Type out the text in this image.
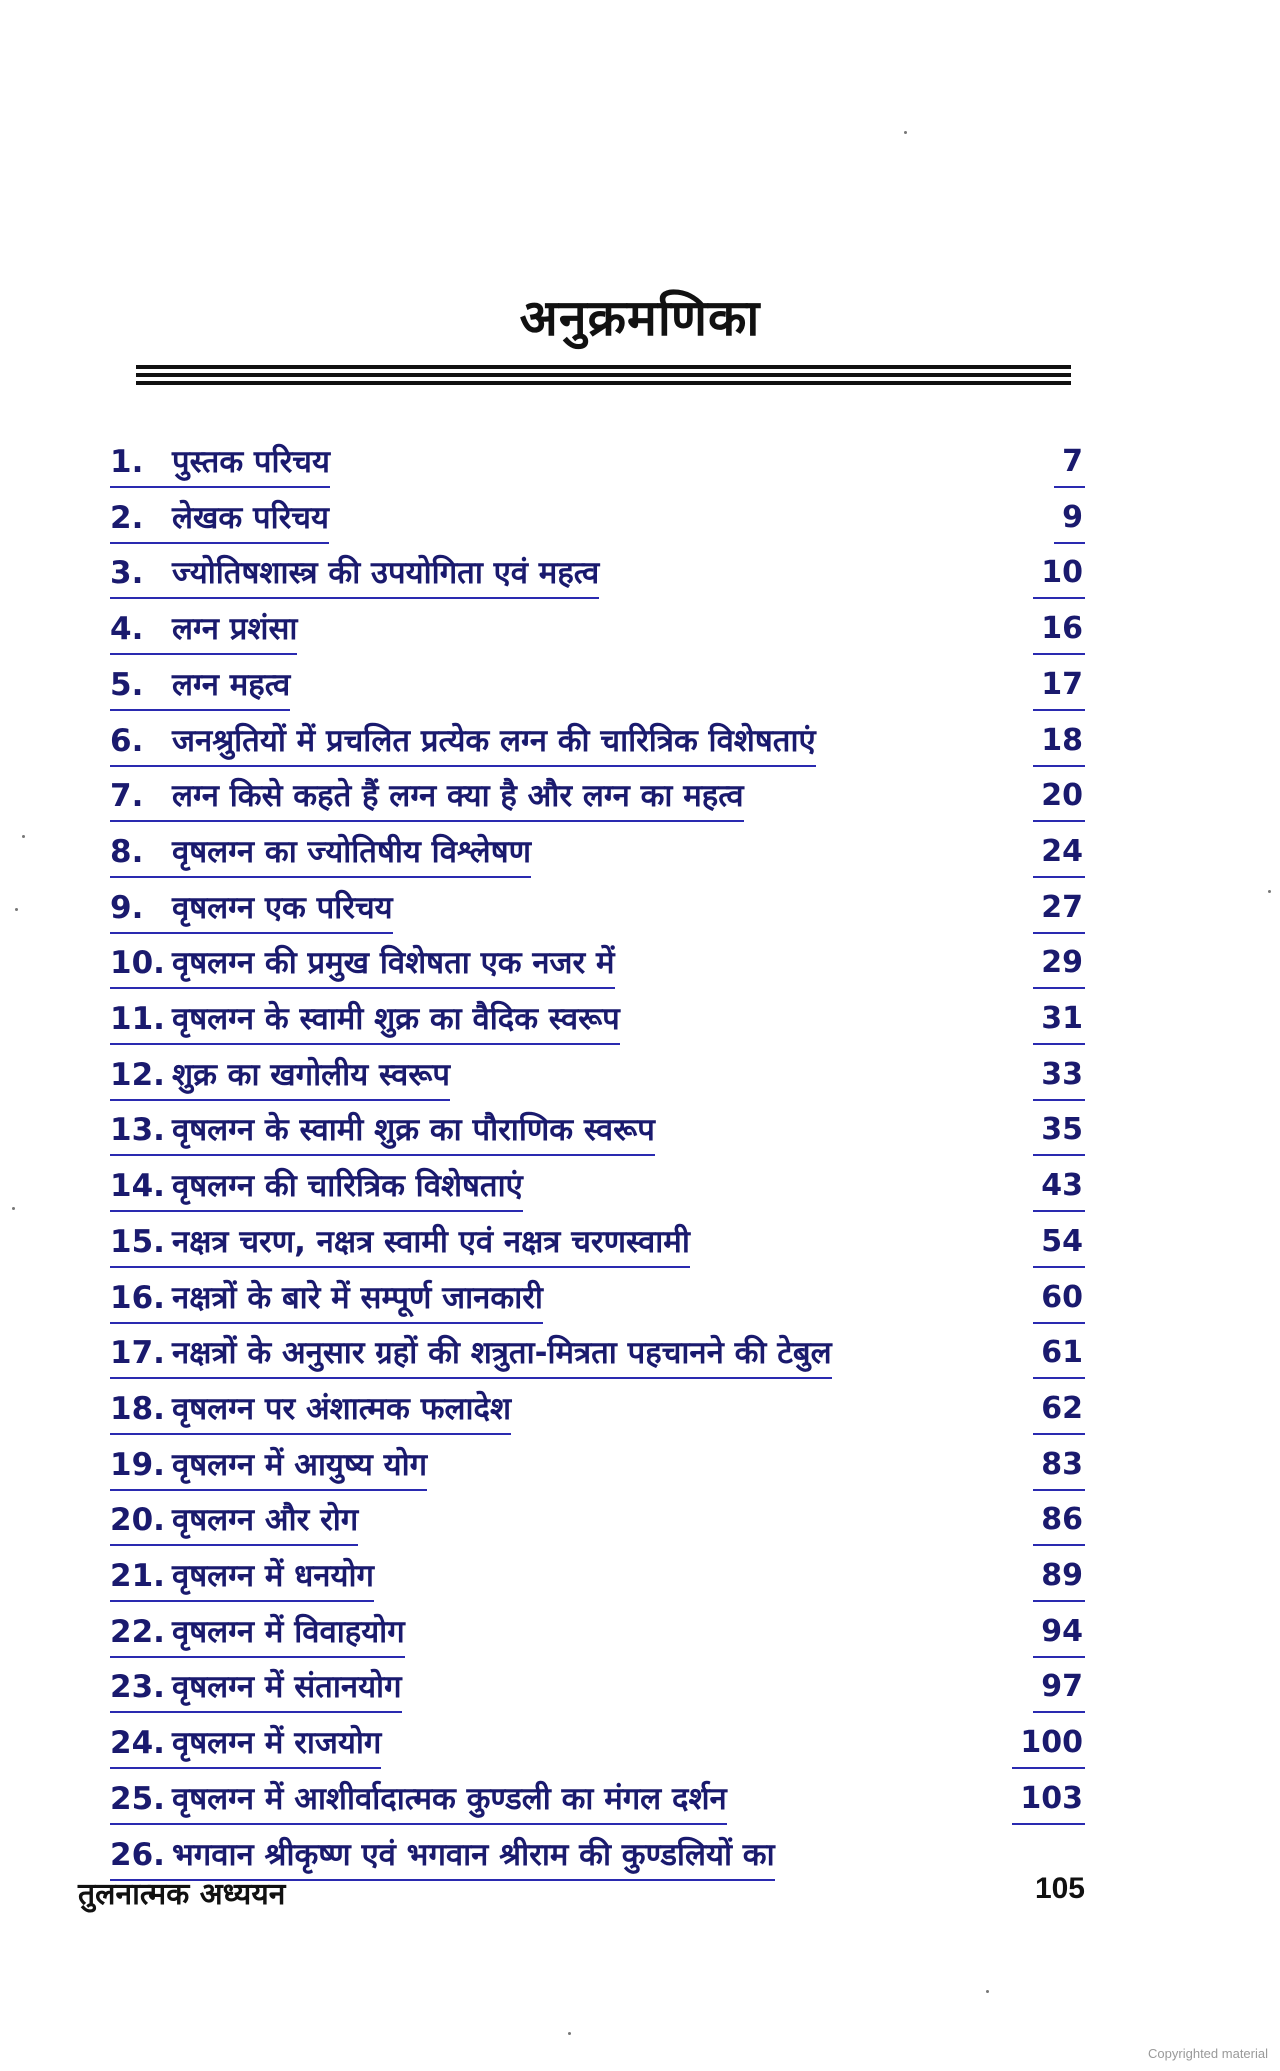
अनुक्रमणिका
1. पुस्तक परिचय	7
2. लेखक परिचय	9
3. ज्योतिषशास्त्र की उपयोगिता एवं महत्व	10
4. लग्न प्रशंसा	16
5. लग्न महत्व	17
6. जनश्रुतियों में प्रचलित प्रत्येक लग्न की चारित्रिक विशेषताएं	18
7. लग्न किसे कहते हैं लग्न क्या है और लग्न का महत्व	20
8. वृषलग्न का ज्योतिषीय विश्लेषण	24
9. वृषलग्न एक परिचय	27
10. वृषलग्न की प्रमुख विशेषता एक नजर में	29
11. वृषलग्न के स्वामी शुक्र का वैदिक स्वरूप	31
12. शुक्र का खगोलीय स्वरूप	33
13. वृषलग्न के स्वामी शुक्र का पौराणिक स्वरूप	35
14. वृषलग्न की चारित्रिक विशेषताएं	43
15. नक्षत्र चरण, नक्षत्र स्वामी एवं नक्षत्र चरणस्वामी	54
16. नक्षत्रों के बारे में सम्पूर्ण जानकारी	60
17. नक्षत्रों के अनुसार ग्रहों की शत्रुता-मित्रता पहचानने की टेबुल	61
18. वृषलग्न पर अंशात्मक फलादेश	62
19. वृषलग्न में आयुष्य योग	83
20. वृषलग्न और रोग	86
21. वृषलग्न में धनयोग	89
22. वृषलग्न में विवाहयोग	94
23. वृषलग्न में संतानयोग	97
24. वृषलग्न में राजयोग	100
25. वृषलग्न में आशीर्वादात्मक कुण्डली का मंगल दर्शन	103
26. भगवान श्रीकृष्ण एवं भगवान श्रीराम की कुण्डलियों का
तुलनात्मक अध्ययन	105
Copyrighted material
